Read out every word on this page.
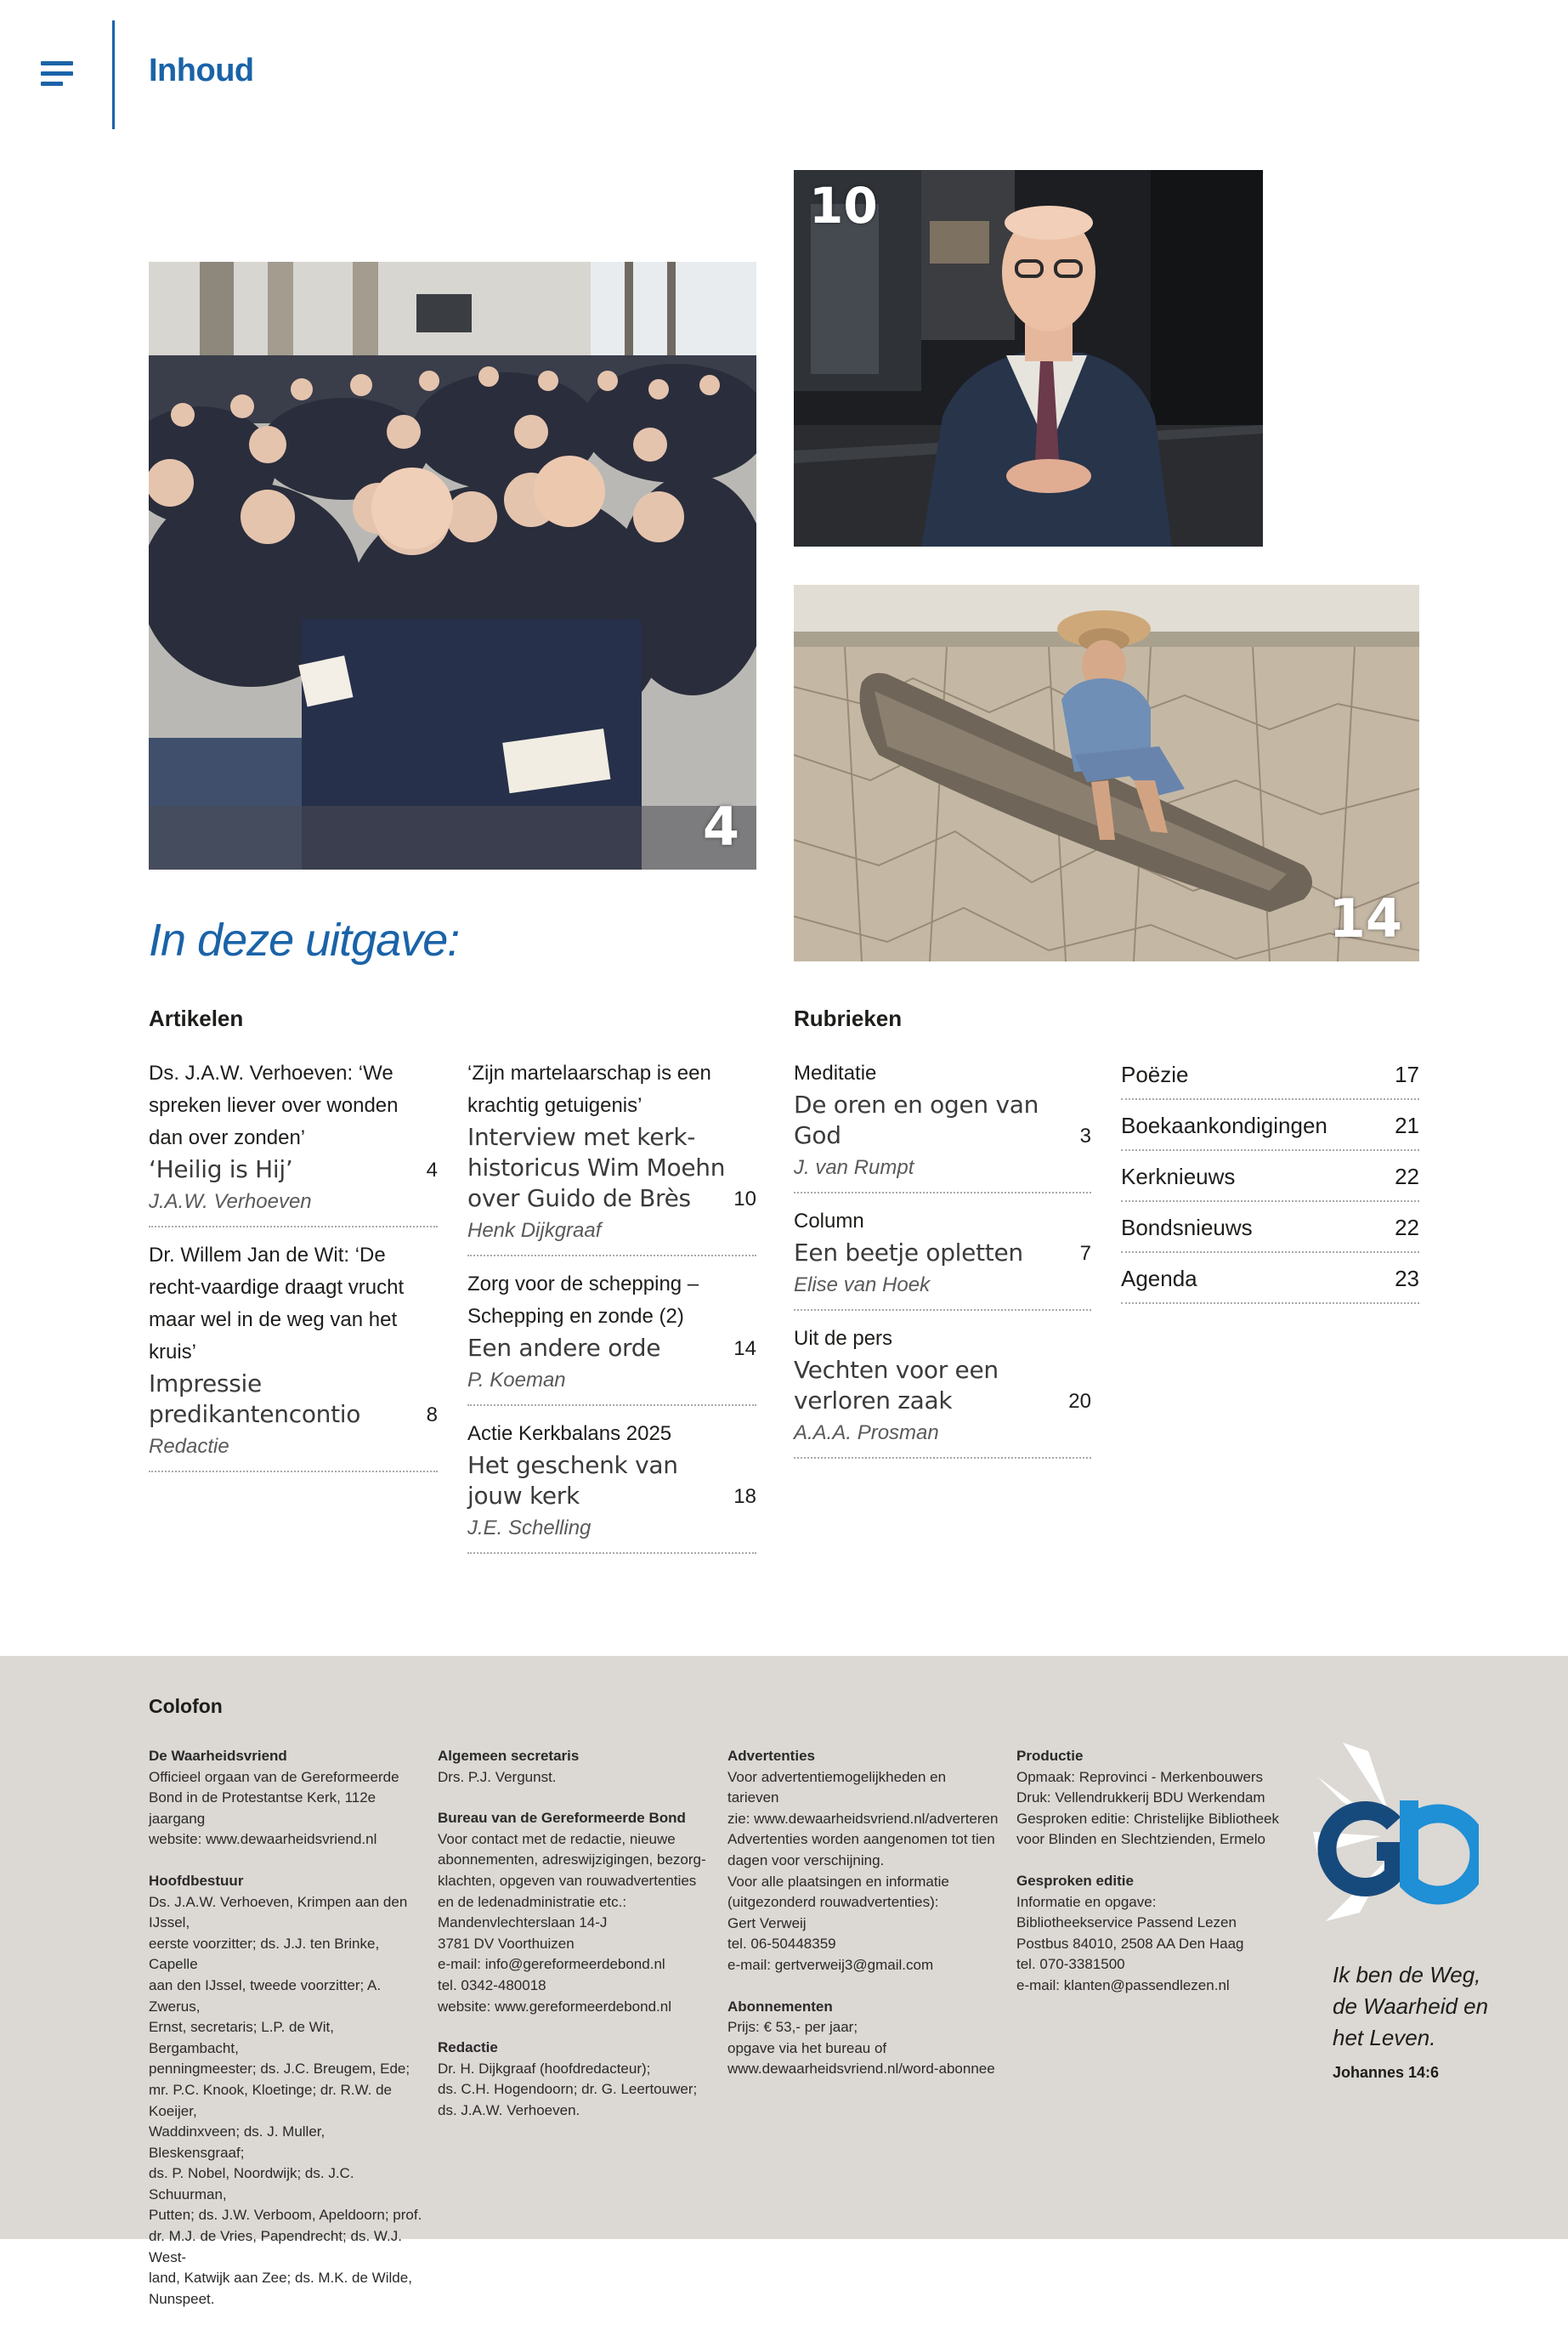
Inhoud
4
10
14
In deze uitgave:
Artikelen
Ds. J.A.W. Verhoeven: ‘We spreken liever over wonden dan over zonden’
‘Heilig is Hij’	4
J.A.W. Verhoeven
Dr. Willem Jan de Wit: ‘De recht-vaardige draagt vrucht maar wel in de weg van het kruis’
Impressie predikantencontio	8
Redactie
‘Zijn martelaarschap is een krachtig getuigenis’
Interview met kerk-historicus Wim Moehn over Guido de Brès	10
Henk Dijkgraaf
Zorg voor de schepping – Schepping en zonde (2)
Een andere orde	14
P. Koeman
Actie Kerkbalans 2025
Het geschenk van jouw kerk	18
J.E. Schelling
Rubrieken
Meditatie
De oren en ogen van God	3
J. van Rumpt
Column
Een beetje opletten	7
Elise van Hoek
Uit de pers
Vechten voor een verloren zaak	20
A.A.A. Prosman
Poëzie	17
Boekaankondigingen	21
Kerknieuws	22
Bondsnieuws	22
Agenda	23
Colofon
De Waarheidsvriend

Officieel orgaan van de Gereformeerde
Bond in de Protestantse Kerk, 112e jaargang
website: www.dewaarheidsvriend.nl

Hoofdbestuur

Ds. J.A.W. Verhoeven, Krimpen aan den IJssel,
eerste voorzitter; ds. J.J. ten Brinke, Capelle
aan den IJssel, tweede voorzitter; A. Zwerus,
Ernst, secretaris; L.P. de Wit, Bergambacht,
penningmeester; ds. J.C. Breugem, Ede;
mr. P.C. Knook, Kloetinge; dr. R.W. de Koeijer,
Waddinxveen; ds. J. Muller, Bleskensgraaf;
ds. P. Nobel, Noordwijk; ds. J.C. Schuurman,
Putten; ds. J.W. Verboom, Apeldoorn; prof.
dr. M.J. de Vries, Papendrecht; ds. W.J. West-
land, Katwijk aan Zee; ds. M.K. de Wilde,
Nunspeet.

Algemeen secretaris

Drs. P.J. Vergunst.

Bureau van de Gereformeerde Bond

Voor contact met de redactie, nieuwe
abonnementen, adreswijzigingen, bezorg-
klachten, opgeven van rouwadvertenties
en de ledenadministratie etc.:
Mandenvlechterslaan 14-J
3781 DV Voorthuizen
e-mail: info@gereformeerdebond.nl
tel. 0342-480018
website: www.gereformeerdebond.nl

Redactie

Dr. H. Dijkgraaf (hoofdredacteur);
ds. C.H. Hogendoorn; dr. G. Leertouwer;
ds. J.A.W. Verhoeven.

Advertenties

Voor advertentiemogelijkheden en tarieven
zie: www.dewaarheidsvriend.nl/adverteren
Advertenties worden aangenomen tot tien
dagen voor verschijning.
Voor alle plaatsingen en informatie
(uitgezonderd rouwadvertenties):
Gert Verweij
tel. 06-50448359
e-mail: gertverweij3@gmail.com

Abonnementen

Prijs: € 53,- per jaar;
opgave via het bureau of
www.dewaarheidsvriend.nl/word-abonnee

Productie

Opmaak: Reprovinci - Merkenbouwers
Druk: Vellendrukkerij BDU Werkendam
Gesproken editie: Christelijke Bibliotheek
voor Blinden en Slechtzienden, Ermelo

Gesproken editie

Informatie en opgave:
Bibliotheekservice Passend Lezen
Postbus 84010, 2508 AA Den Haag
tel. 070-3381500
e-mail: klanten@passendlezen.nl	Ik ben de Weg,
de Waarheid en
het Leven.
Johannes 14:6
